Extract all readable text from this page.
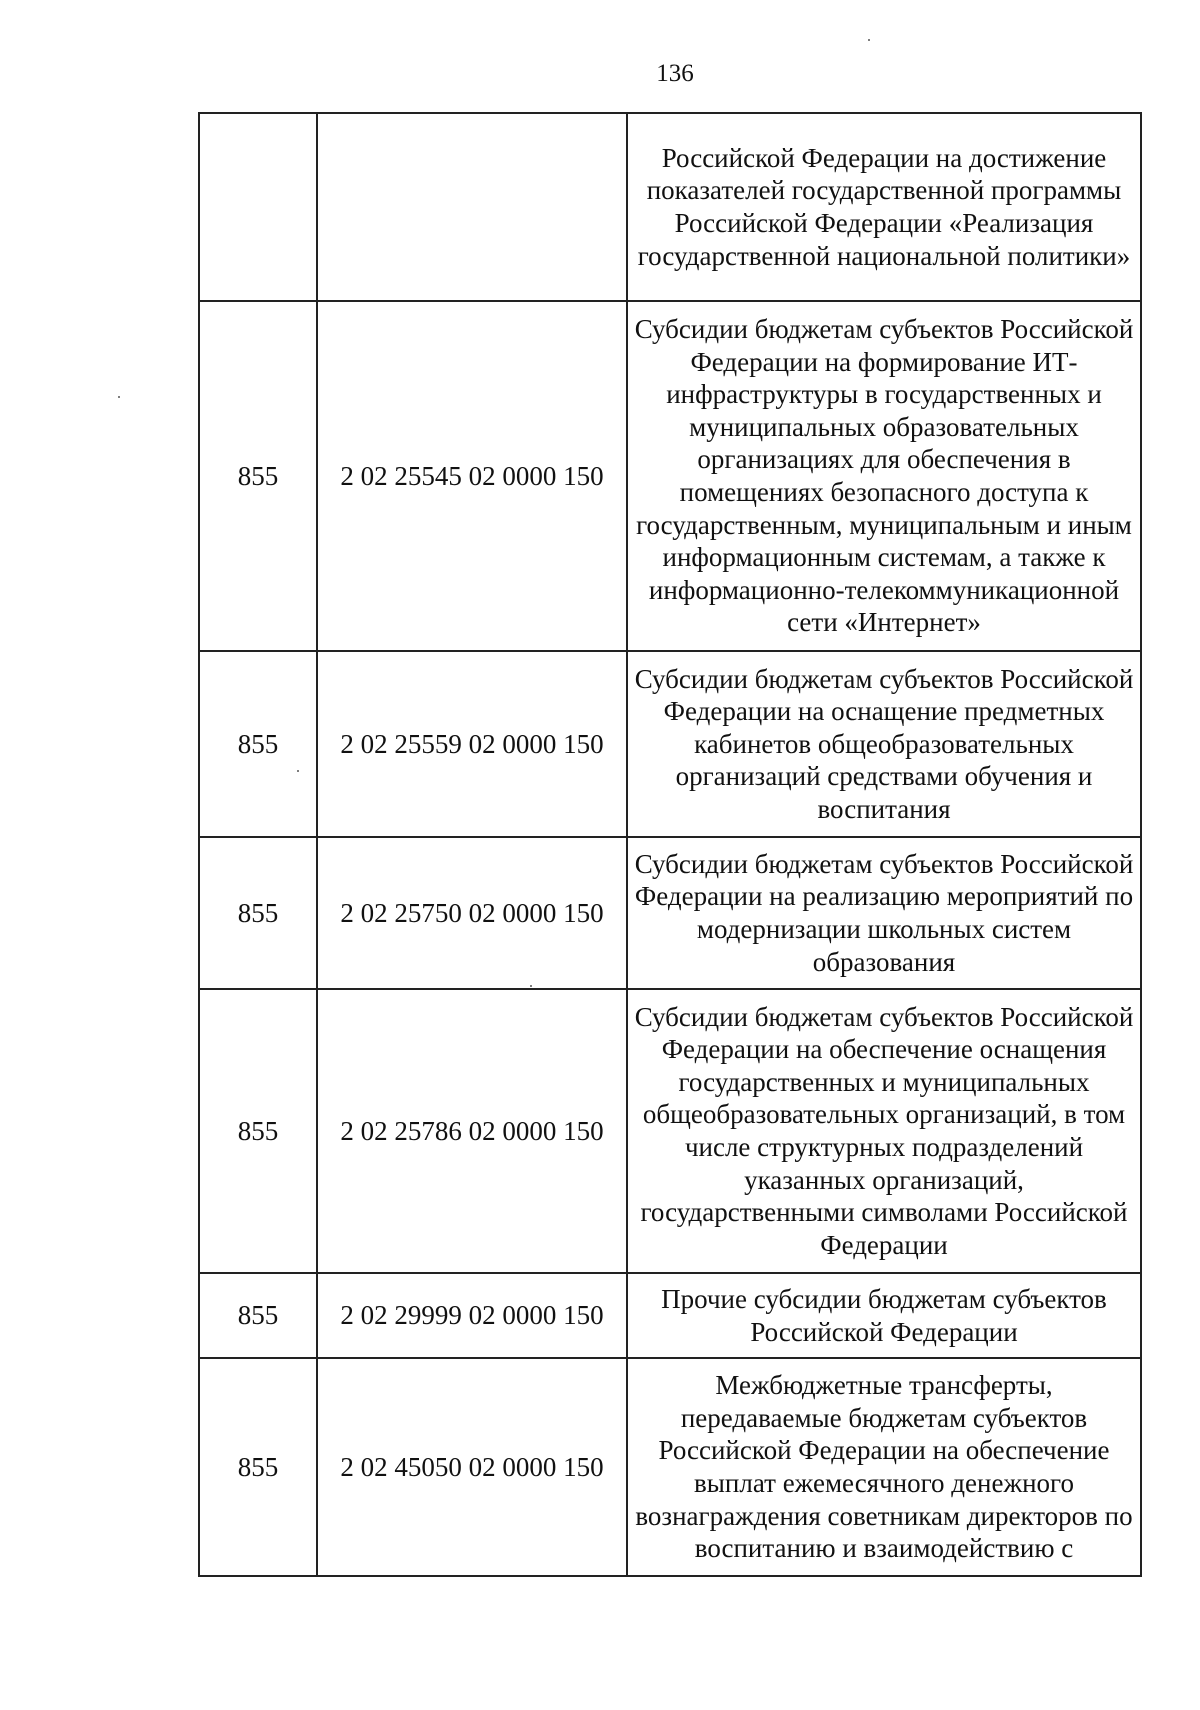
136
		Российской Федерации на достижение показателей государственной программы Российской Федерации «Реализация государственной национальной политики»
855	2 02 25545 02 0000 150	Субсидии бюджетам субъектов Российской Федерации на формирование ИТ-инфраструктуры в государственных и муниципальных образовательных организациях для обеспечения в помещениях безопасного доступа к государственным, муниципальным и иным информационным системам, а также к информационно-телекоммуникационной сети «Интернет»
855	2 02 25559 02 0000 150	Субсидии бюджетам субъектов Российской Федерации на оснащение предметных кабинетов общеобразовательных организаций средствами обучения и воспитания
855	2 02 25750 02 0000 150	Субсидии бюджетам субъектов Российской Федерации на реализацию мероприятий по модернизации школьных систем образования
855	2 02 25786 02 0000 150	Субсидии бюджетам субъектов Российской Федерации на обеспечение оснащения государственных и муниципальных общеобразовательных организаций, в том числе структурных подразделений указанных организаций, государственными символами Российской Федерации
855	2 02 29999 02 0000 150	Прочие субсидии бюджетам субъектов Российской Федерации
855	2 02 45050 02 0000 150	Межбюджетные трансферты, передаваемые бюджетам субъектов Российской Федерации на обеспечение выплат ежемесячного денежного вознаграждения советникам директоров по воспитанию и взаимодействию с
